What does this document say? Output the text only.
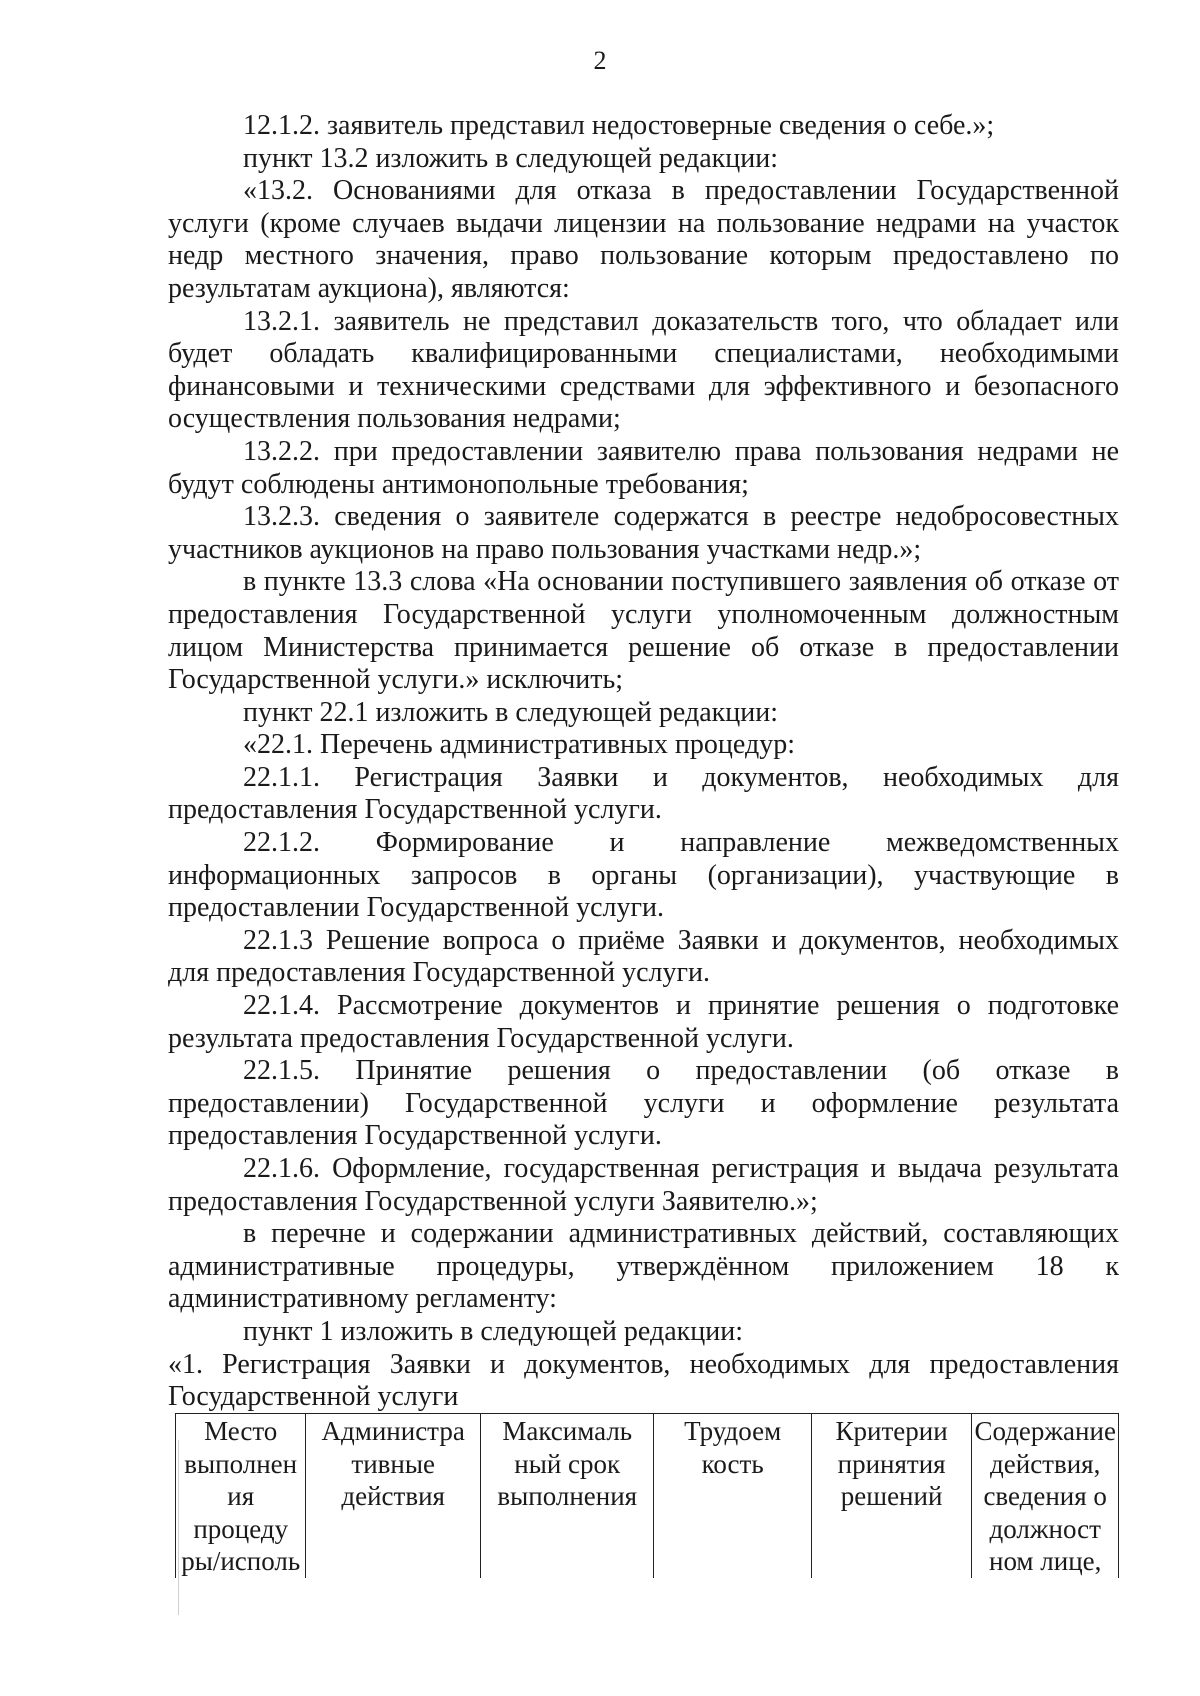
2

12.1.2. заявитель представил недостоверные сведения о себе.»;

пункт 13.2 изложить в следующей редакции:

«13.2. Основаниями для отказа в предоставлении Государственной услуги (кроме случаев выдачи лицензии на пользование недрами на участок недр местного значения, право пользование которым предоставлено по результатам аукциона), являются:

13.2.1. заявитель не представил доказательств того, что обладает или будет обладать квалифицированными специалистами, необходимыми финансовыми и техническими средствами для эффективного и безопасного осуществления пользования недрами;

13.2.2. при предоставлении заявителю права пользования недрами не будут соблюдены антимонопольные требования;

13.2.3. сведения о заявителе содержатся в реестре недобросовестных участников аукционов на право пользования участками недр.»;

в пункте 13.3 слова «На основании поступившего заявления об отказе от предоставления Государственной услуги уполномоченным должностным лицом Министерства принимается решение об отказе в предоставлении Государственной услуги.» исключить;

пункт 22.1 изложить в следующей редакции:

«22.1. Перечень административных процедур:

22.1.1. Регистрация Заявки и документов, необходимых для предоставления Государственной услуги.

22.1.2. Формирование и направление межведомственных информационных запросов в органы (организации), участвующие в предоставлении Государственной услуги.

22.1.3 Решение вопроса о приёме Заявки и документов, необходимых для предоставления Государственной услуги.

22.1.4. Рассмотрение документов и принятие решения о подготовке результата предоставления Государственной услуги.

22.1.5. Принятие решения о предоставлении (об отказе в предоставлении) Государственной услуги и оформление результата предоставления Государственной услуги.

22.1.6. Оформление, государственная регистрация и выдача результата предоставления Государственной услуги Заявителю.»;

в перечне и содержании административных действий, составляющих административные процедуры, утверждённом приложением 18 к административному регламенту:

пункт 1 изложить в следующей редакции:

«1. Регистрация Заявки и документов, необходимых для предоставления Государственной услуги

Место выполнен ия процеду ры/исполь	Администра тивные действия	Максималь ный срок выполнения	Трудоем кость	Критерии принятия решений	Содержание действия, сведения о должност ном лице,
